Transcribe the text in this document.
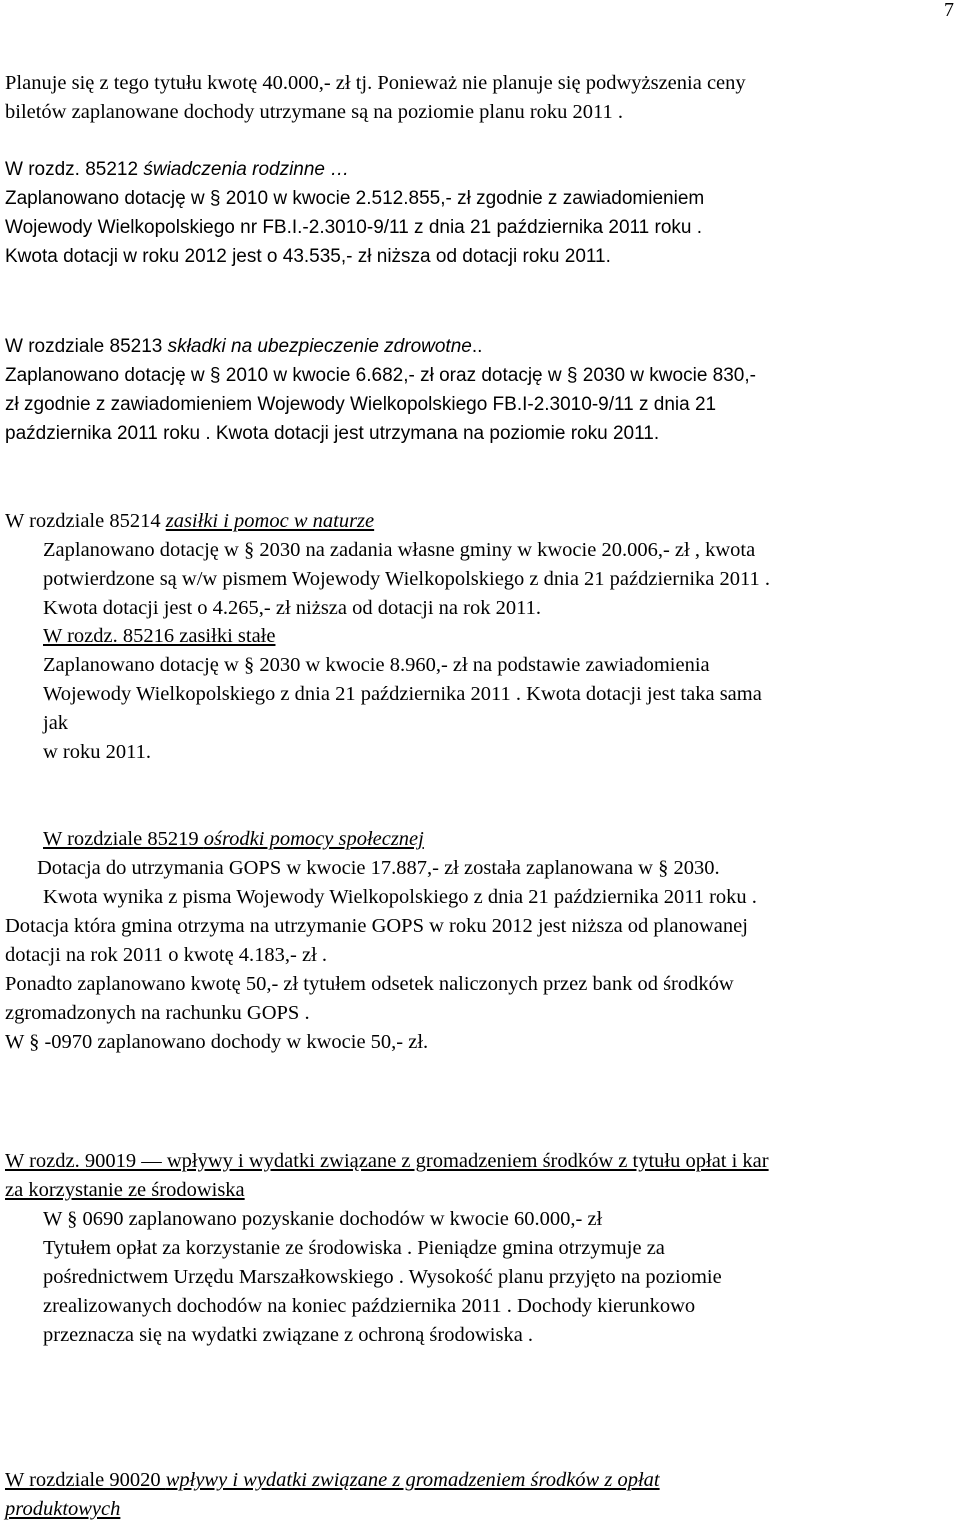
7
Planuje się z tego tytułu kwotę 40.000,- zł tj. Ponieważ nie planuje się podwyższenia ceny
biletów zaplanowane dochody utrzymane są na poziomie planu roku 2011 .
W rozdz. 85212 świadczenia rodzinne …
Zaplanowano dotację w § 2010 w kwocie 2.512.855,- zł zgodnie z zawiadomieniem
Wojewody Wielkopolskiego nr FB.I.-2.3010-9/11 z dnia 21 października 2011 roku .
Kwota dotacji w roku 2012 jest o 43.535,- zł niższa od dotacji roku 2011.
W rozdziale 85213 składki na ubezpieczenie zdrowotne..
Zaplanowano dotację w § 2010 w kwocie 6.682,- zł oraz dotację w § 2030 w kwocie 830,-
zł zgodnie z zawiadomieniem Wojewody Wielkopolskiego FB.I-2.3010-9/11 z dnia 21
października 2011 roku . Kwota dotacji jest utrzymana na poziomie roku 2011.
W rozdziale 85214 zasiłki i pomoc w naturze
Zaplanowano dotację w § 2030 na zadania własne gminy w kwocie 20.006,- zł , kwota
potwierdzone są w/w pismem Wojewody Wielkopolskiego z dnia 21 października 2011 .
Kwota dotacji jest o 4.265,- zł niższa od dotacji na rok 2011.
W rozdz. 85216 zasiłki stałe
Zaplanowano dotację w § 2030 w kwocie 8.960,- zł na podstawie zawiadomienia
Wojewody Wielkopolskiego z dnia 21 października 2011 . Kwota dotacji jest taka sama
jak
w roku 2011.
W rozdziale 85219 ośrodki pomocy społecznej
Dotacja do utrzymania GOPS w kwocie 17.887,- zł została zaplanowana w § 2030.
Kwota wynika z pisma Wojewody Wielkopolskiego z dnia 21 października 2011 roku .
Dotacja która gmina otrzyma na utrzymanie GOPS w roku 2012 jest niższa od planowanej
dotacji na rok 2011 o kwotę 4.183,- zł .
Ponadto zaplanowano kwotę 50,- zł tytułem odsetek naliczonych przez bank od środków
zgromadzonych na rachunku GOPS .
W § -0970 zaplanowano dochody w kwocie 50,- zł.
W rozdz. 90019 — wpływy i wydatki związane z gromadzeniem środków z tytułu opłat i kar
za korzystanie ze środowiska
W § 0690 zaplanowano pozyskanie dochodów w kwocie 60.000,- zł
Tytułem opłat za korzystanie ze środowiska . Pieniądze gmina otrzymuje za
pośrednictwem Urzędu Marszałkowskiego . Wysokość planu przyjęto na poziomie
zrealizowanych dochodów na koniec października 2011 . Dochody kierunkowo
przeznacza się na wydatki związane z ochroną środowiska .
W rozdziale 90020 wpływy i wydatki związane z gromadzeniem środków z opłat
produktowych
